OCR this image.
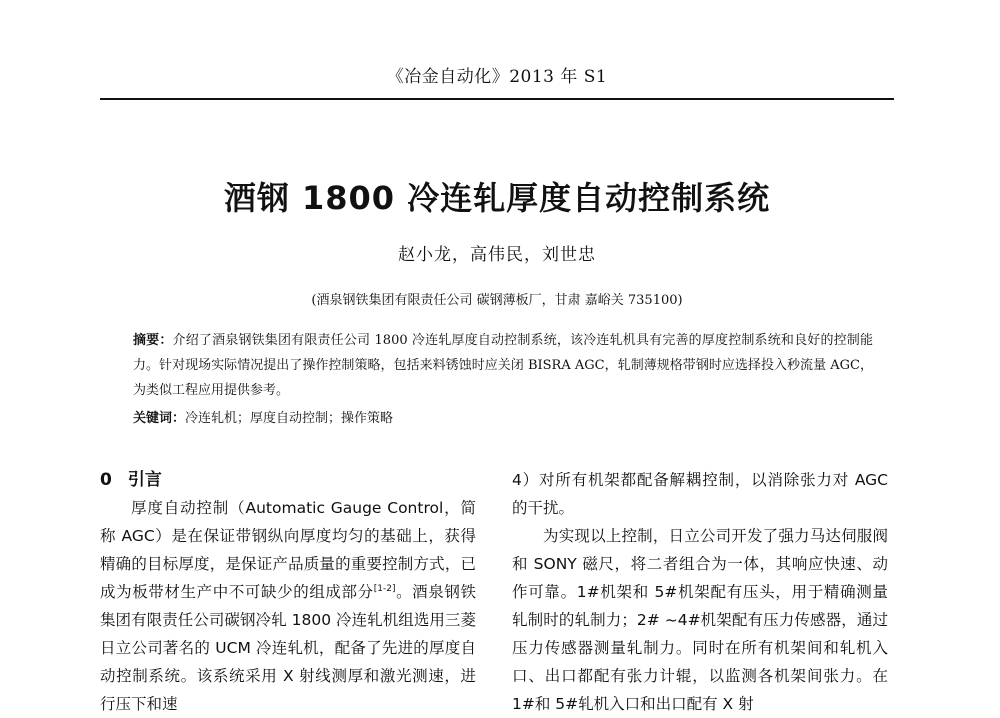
《冶金自动化》2013 年 S1
酒钢 1800 冷连轧厚度自动控制系统
赵小龙，高伟民，刘世忠
(酒泉钢铁集团有限责任公司 碳钢薄板厂，甘肃 嘉峪关 735100)
摘要：介绍了酒泉钢铁集团有限责任公司 1800 冷连轧厚度自动控制系统，该冷连轧机具有完善的厚度控制系统和良好的控制能力。针对现场实际情况提出了操作控制策略，包括来料锈蚀时应关闭 BISRA AGC，轧制薄规格带钢时应选择投入秒流量 AGC，为类似工程应用提供参考。
关键词：冷连轧机；厚度自动控制；操作策略
0 引言

厚度自动控制（Automatic Gauge Control，简称 AGC）是在保证带钢纵向厚度均匀的基础上，获得精确的目标厚度，是保证产品质量的重要控制方式，已成为板带材生产中不可缺少的组成部分[1-2]。酒泉钢铁集团有限责任公司碳钢冷轧 1800 冷连轧机组选用三菱日立公司著名的 UCM 冷连轧机，配备了先进的厚度自动控制系统。该系统采用 X 射线测厚和激光测速，进行压下和速

4）对所有机架都配备解耦控制，以消除张力对 AGC 的干扰。

为实现以上控制，日立公司开发了强力马达伺服阀和 SONY 磁尺，将二者组合为一体，其响应快速、动作可靠。1#机架和 5#机架配有压头，用于精确测量轧制时的轧制力；2# ~4#机架配有压力传感器，通过压力传感器测量轧制力。同时在所有机架间和轧机入口、出口都配有张力计辊，以监测各机架间张力。在 1#和 5#轧机入口和出口配有 X 射
